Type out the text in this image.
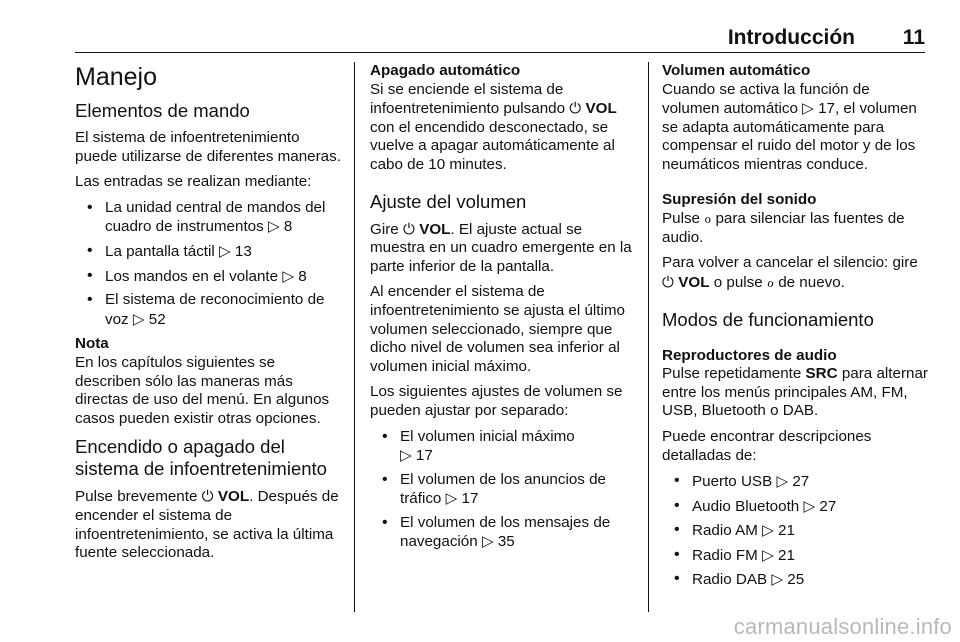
Introducción 11
Manejo
Elementos de mando

El sistema de infoentretenimiento puede utilizarse de diferentes maneras.

Las entradas se realizan mediante:

• La unidad central de mandos del cuadro de instrumentos ▷ 8
• La pantalla táctil ▷ 13
• Los mandos en el volante ▷ 8
• El sistema de reconocimiento de voz ▷ 52
Nota

En los capítulos siguientes se describen sólo las maneras más directas de uso del menú. En algunos casos pueden existir otras opciones.

Encendido o apagado del sistema de infoentretenimiento

Pulse brevemente ⏻ VOL. Después de encender el sistema de infoentretenimiento, se activa la última fuente seleccionada.

Apagado automático

Si se enciende el sistema de infoentretenimiento pulsando ⏻ VOL con el encendido desconectado, se vuelve a apagar automáticamente al cabo de 10 minutes.

Ajuste del volumen

Gire ⏻ VOL. El ajuste actual se muestra en un cuadro emergente en la parte inferior de la pantalla.

Al encender el sistema de infoentretenimiento se ajusta el último volumen seleccionado, siempre que dicho nivel de volumen sea inferior al volumen inicial máximo.

Los siguientes ajustes de volumen se pueden ajustar por separado:

• El volumen inicial máximo
▷ 17
• El volumen de los anuncios de tráfico ▷ 17
• El volumen de los mensajes de navegación ▷ 35
Volumen automático

Cuando se activa la función de volumen automático ▷ 17, el volumen se adapta automáticamente para compensar el ruido del motor y de los neumáticos mientras conduce.

Supresión del sonido

Pulse ℴ para silenciar las fuentes de audio.

Para volver a cancelar el silencio: gire ⏻ VOL o pulse ℴ de nuevo.

Modos de funcionamiento
Reproductores de audio

Pulse repetidamente SRC para alternar entre los menús principales AM, FM, USB, Bluetooth o DAB.

Puede encontrar descripciones detalladas de:

• Puerto USB ▷ 27
• Audio Bluetooth ▷ 27
• Radio AM ▷ 21
• Radio FM ▷ 21
• Radio DAB ▷ 25
carmanualsonline.info
